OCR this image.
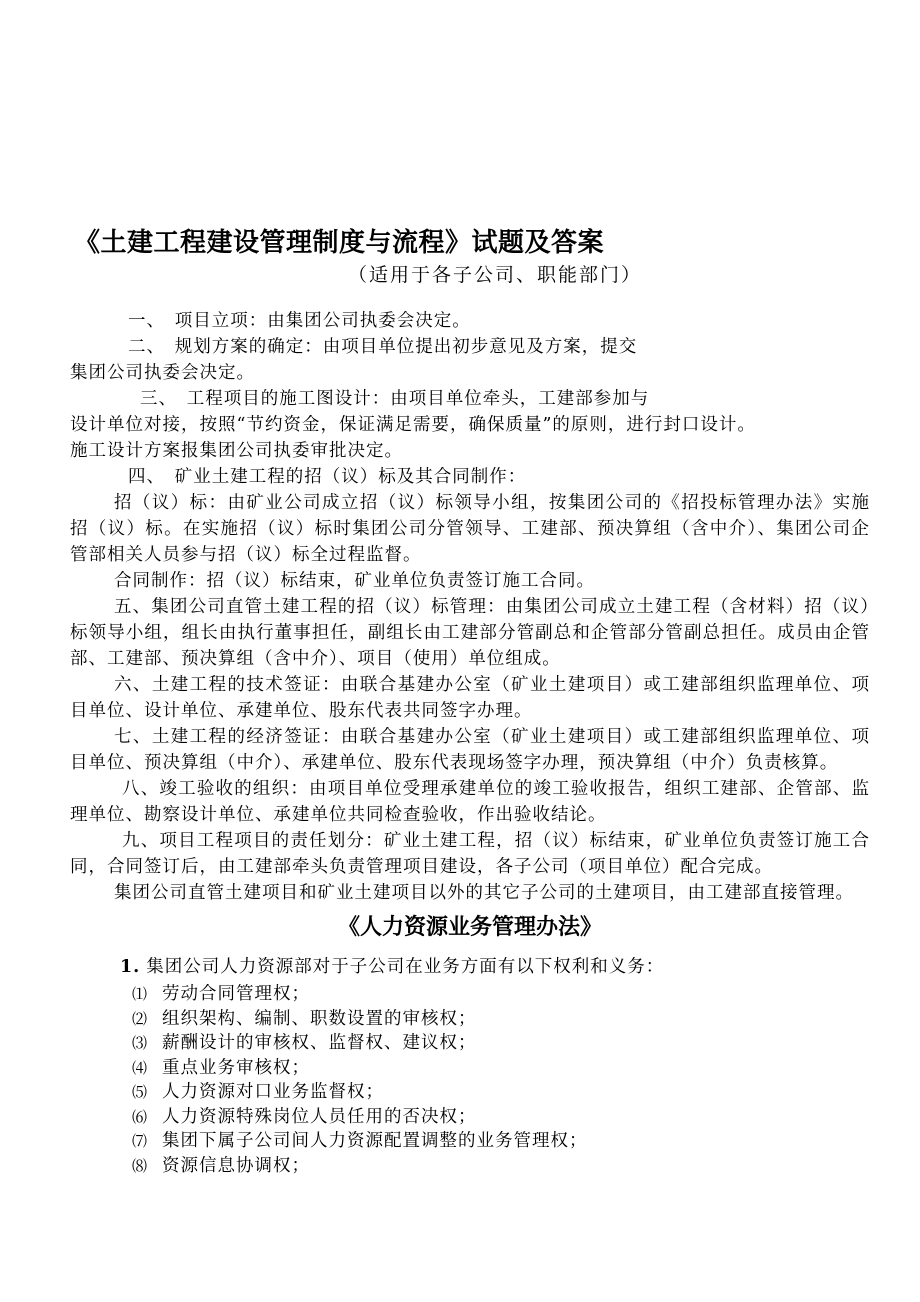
《土建工程建设管理制度与流程》试题及答案
（适用于各子公司、职能部门）

一、　项目立项：由集团公司执委会决定。

二、　规划方案的确定：由项目单位提出初步意见及方案，提交

集团公司执委会决定。

三、　工程项目的施工图设计：由项目单位牵头，工建部参加与

设计单位对接，按照“节约资金，保证满足需要，确保质量”的原则，进行封口设计。

施工设计方案报集团公司执委审批决定。

四、　矿业土建工程的招（议）标及其合同制作：

招（议）标：由矿业公司成立招（议）标领导小组，按集团公司的《招投标管理办法》实施招（议）标。在实施招（议）标时集团公司分管领导、工建部、预决算组（含中介）、集团公司企管部相关人员参与招（议）标全过程监督。

合同制作：招（议）标结束，矿业单位负责签订施工合同。

五、集团公司直管土建工程的招（议）标管理：由集团公司成立土建工程（含材料）招（议）标领导小组，组长由执行董事担任，副组长由工建部分管副总和企管部分管副总担任。成员由企管部、工建部、预决算组（含中介）、项目（使用）单位组成。

六、土建工程的技术签证：由联合基建办公室（矿业土建项目）或工建部组织监理单位、项目单位、设计单位、承建单位、股东代表共同签字办理。

七、土建工程的经济签证：由联合基建办公室（矿业土建项目）或工建部组织监理单位、项目单位、预决算组（中介）、承建单位、股东代表现场签字办理，预决算组（中介）负责核算。

八、竣工验收的组织：由项目单位受理承建单位的竣工验收报告，组织工建部、企管部、监理单位、勘察设计单位、承建单位共同检查验收，作出验收结论。

九、项目工程项目的责任划分：矿业土建工程，招（议）标结束，矿业单位负责签订施工合同，合同签订后，由工建部牵头负责管理项目建设，各子公司（项目单位）配合完成。

集团公司直管土建项目和矿业土建项目以外的其它子公司的土建项目，由工建部直接管理。

《人力资源业务管理办法》
1. 集团公司人力资源部对于子公司在业务方面有以下权利和义务：
⑴ 劳动合同管理权；
⑵ 组织架构、编制、职数设置的审核权；
⑶ 薪酬设计的审核权、监督权、建议权；
⑷ 重点业务审核权；
⑸ 人力资源对口业务监督权；
⑹ 人力资源特殊岗位人员任用的否决权；
⑺ 集团下属子公司间人力资源配置调整的业务管理权；
⑻ 资源信息协调权；
